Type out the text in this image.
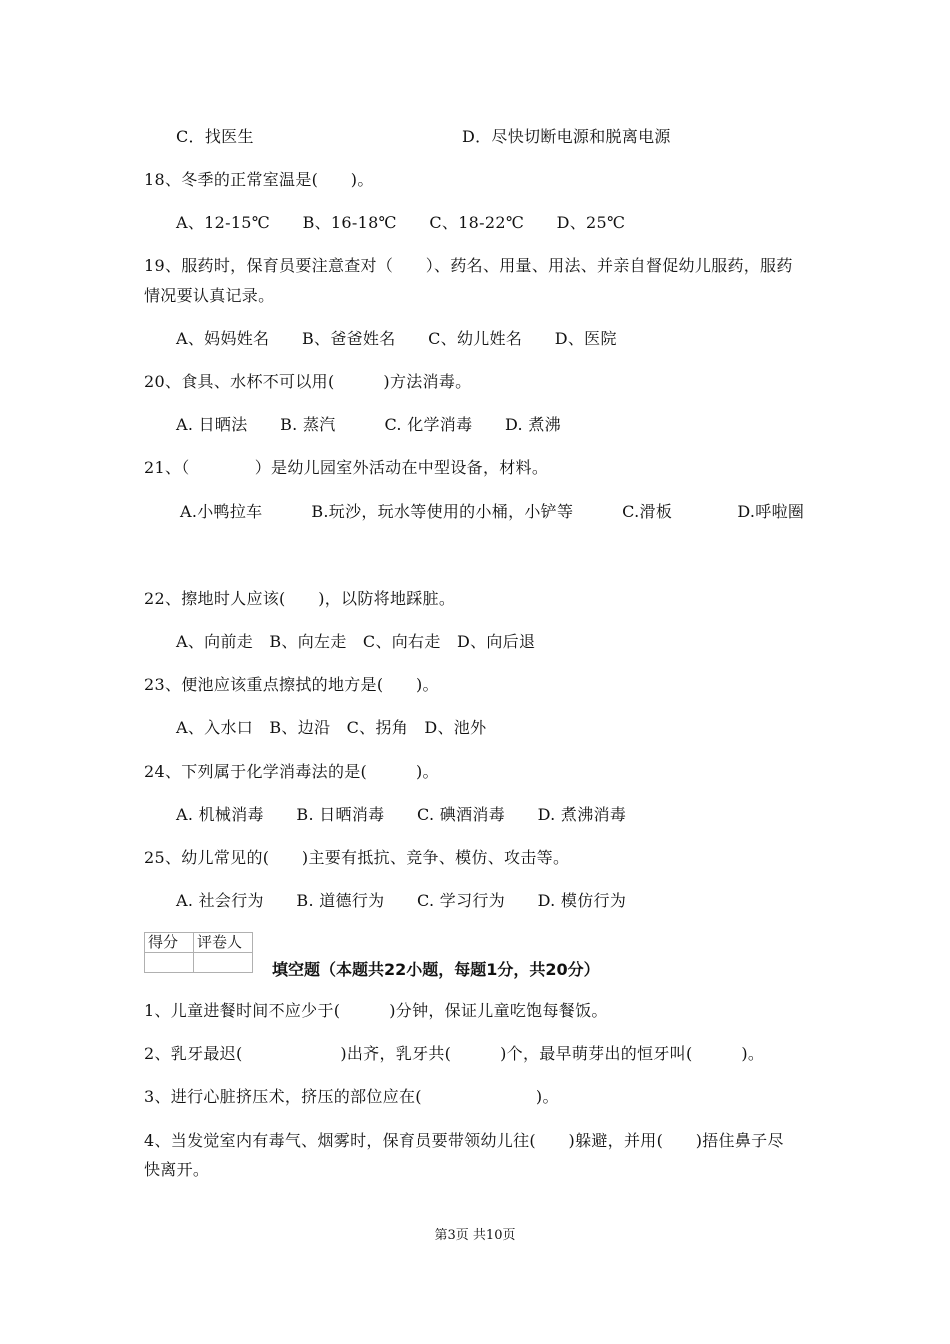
C．找医生	D．尽快切断电源和脱离电源
18、冬季的正常室温是(　　)。
A、12-15℃　　B、16-18℃　　C、18-22℃　　D、25℃
19、服药时，保育员要注意查对（　　）、药名、用量、用法、并亲自督促幼儿服药，服药
情况要认真记录。
A、妈妈姓名　　B、爸爸姓名　　C、幼儿姓名　　D、医院
20、食具、水杯不可以用(　　　)方法消毒。
A. 日晒法　　B. 蒸汽　　　C. 化学消毒　　D. 煮沸
21、（　　　　）是幼儿园室外活动在中型设备，材料。
A.小鸭拉车　　　B.玩沙，玩水等使用的小桶，小铲等　　　C.滑板　　　　D.呼啦圈
22、擦地时人应该(　　)，以防将地踩脏。
A、向前走　B、向左走　C、向右走　D、向后退
23、便池应该重点擦拭的地方是(　　)。
A、入水口　B、边沿　C、拐角　D、池外
24、下列属于化学消毒法的是(　　　)。
A. 机械消毒　　B. 日晒消毒　　C. 碘酒消毒　　D. 煮沸消毒
25、幼儿常见的(　　)主要有抵抗、竞争、模仿、攻击等。
A. 社会行为　　B. 道德行为　　C. 学习行为　　D. 模仿行为
得分	评卷人

填空题（本题共22小题，每题1分，共20分）
1、儿童进餐时间不应少于(　　　)分钟，保证儿童吃饱每餐饭。
2、乳牙最迟(　　　　　　)出齐，乳牙共(　　　)个，最早萌芽出的恒牙叫(　　　)。
3、进行心脏挤压术，挤压的部位应在(　　　　　　　)。
4、当发觉室内有毒气、烟雾时，保育员要带领幼儿往(　　)躲避，并用(　　)捂住鼻子尽
快离开。
第3页 共10页
